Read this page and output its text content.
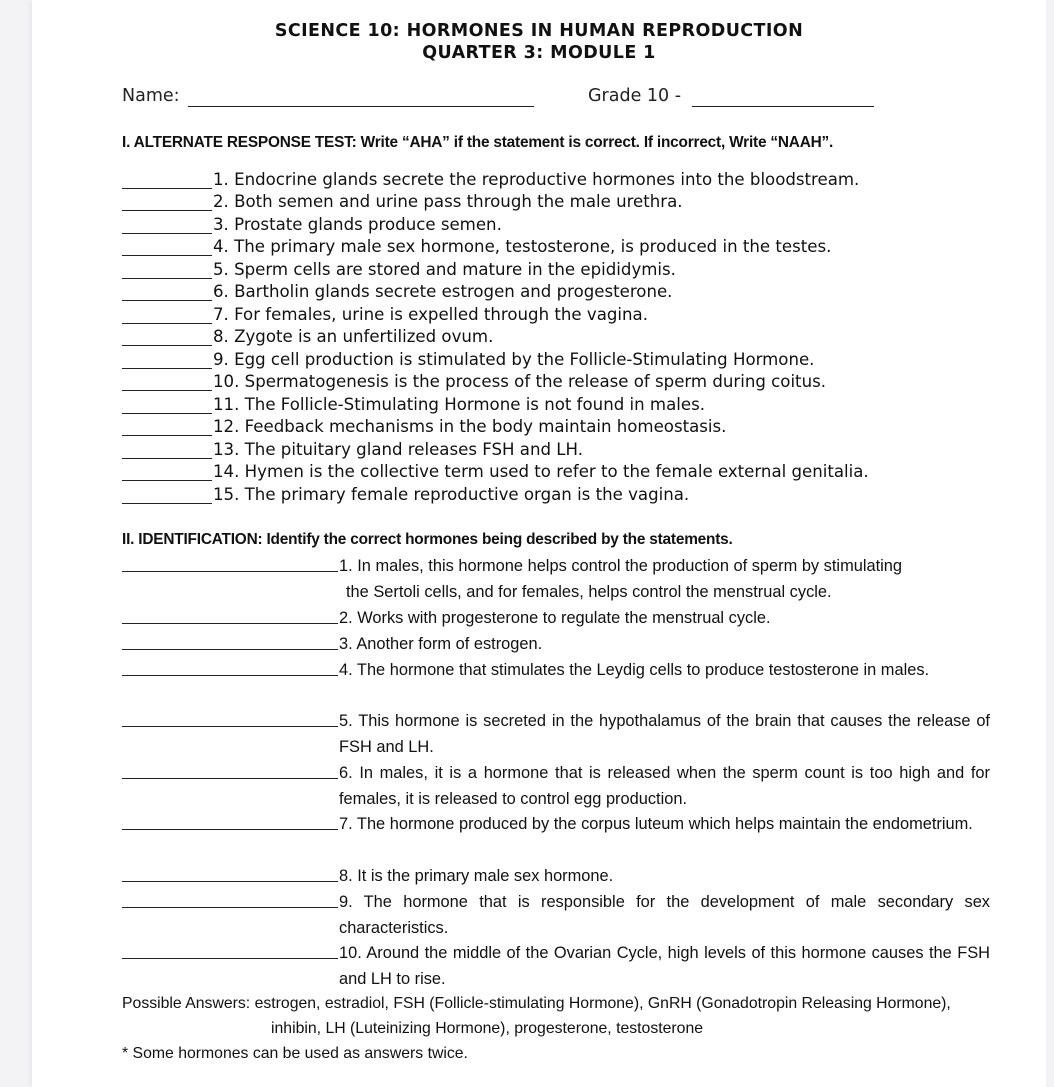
SCIENCE 10: HORMONES IN HUMAN REPRODUCTION
QUARTER 3: MODULE 1
Name:	Grade 10 -
I. ALTERNATE RESPONSE TEST: Write “AHA” if the statement is correct. If incorrect, Write “NAAH”.
1. Endocrine glands secrete the reproductive hormones into the bloodstream.
2. Both semen and urine pass through the male urethra.
3. Prostate glands produce semen.
4. The primary male sex hormone, testosterone, is produced in the testes.
5. Sperm cells are stored and mature in the epididymis.
6. Bartholin glands secrete estrogen and progesterone.
7. For females, urine is expelled through the vagina.
8. Zygote is an unfertilized ovum.
9. Egg cell production is stimulated by the Follicle-Stimulating Hormone.
10. Spermatogenesis is the process of the release of sperm during coitus.
11. The Follicle-Stimulating Hormone is not found in males.
12. Feedback mechanisms in the body maintain homeostasis.
13. The pituitary gland releases FSH and LH.
14. Hymen is the collective term used to refer to the female external genitalia.
15. The primary female reproductive organ is the vagina.
II. IDENTIFICATION: Identify the correct hormones being described by the statements.
1. In males, this hormone helps control the production of sperm by stimulating
the Sertoli cells, and for females, helps control the menstrual cycle.
2. Works with progesterone to regulate the menstrual cycle.
3. Another form of estrogen.
4. The hormone that stimulates the Leydig cells to produce testosterone in males.
5. This hormone is secreted in the hypothalamus of the brain that causes the release of FSH and LH.
6. In males, it is a hormone that is released when the sperm count is too high and for females, it is released to control egg production.
7. The hormone produced by the corpus luteum which helps maintain the endometrium.
8. It is the primary male sex hormone.
9. The hormone that is responsible for the development of male secondary sex characteristics.
10. Around the middle of the Ovarian Cycle, high levels of this hormone causes the FSH and LH to rise.
Possible Answers: estrogen, estradiol, FSH (Follicle-stimulating Hormone), GnRH (Gonadotropin Releasing Hormone),
inhibin, LH (Luteinizing Hormone), progesterone, testosterone
* Some hormones can be used as answers twice.
